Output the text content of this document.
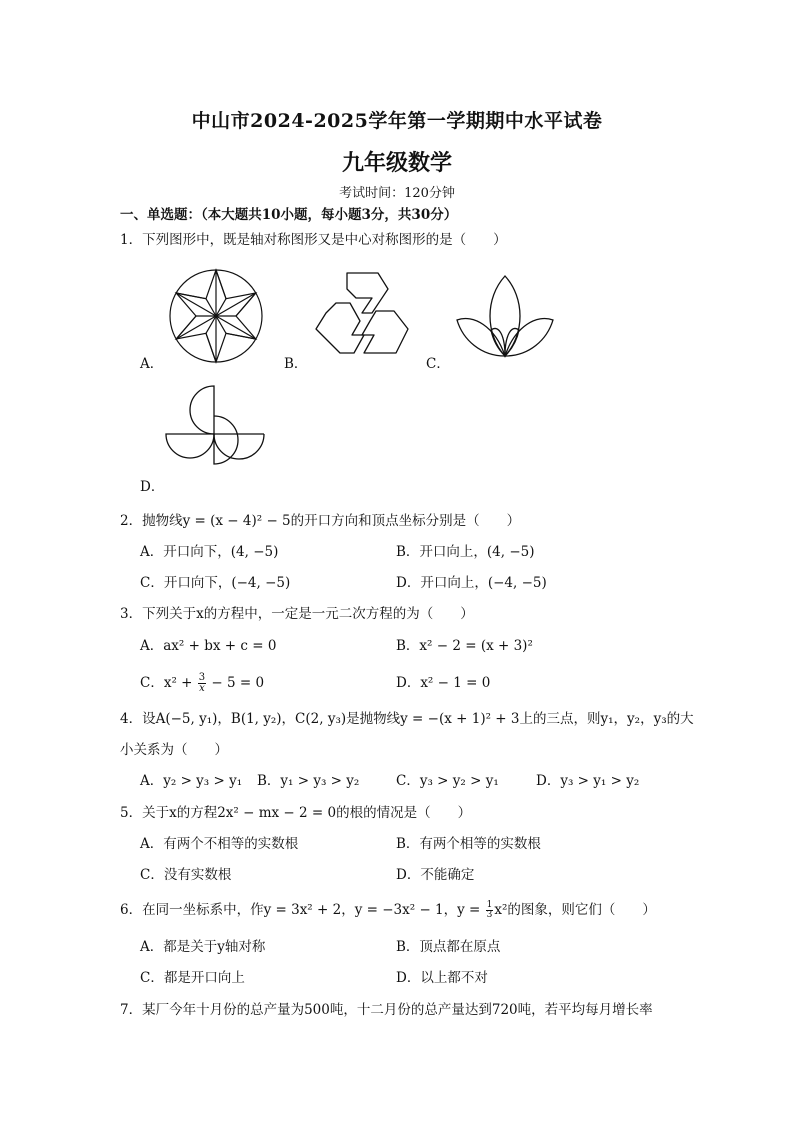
中山市2024-2025学年第一学期期中水平试卷
九年级数学
考试时间：120分钟
一、单选题：（本大题共10小题，每小题3分，共30分）
1．下列图形中，既是轴对称图形又是中心对称图形的是（　　）
A．	B．	C．
D．
2．抛物线y = (x − 4)² − 5的开口方向和顶点坐标分别是（　　）
A．开口向下，(4, −5)	B．开口向上，(4, −5)
C．开口向下，(−4, −5)	D．开口向上，(−4, −5)
3．下列关于x的方程中，一定是一元二次方程的为（　　）
A．ax² + bx + c = 0	B．x² − 2 = (x + 3)²
C．$x^2 + \frac{3}{x} - 5 = 0$	D．x² − 1 = 0
4．设A(−5, y₁)，B(1, y₂)，C(2, y₃)是抛物线y = −(x + 1)² + 3上的三点，则y₁，y₂，y₃的大
小关系为（　　）
A．y₂ > y₃ > y₁ B．y₁ > y₃ > y₂	C．y₃ > y₂ > y₁	D．y₃ > y₁ > y₂
5．关于x的方程2x² − mx − 2 = 0的根的情况是（　　）
A．有两个不相等的实数根	B．有两个相等的实数根
C．没有实数根	D．不能确定
6．在同一坐标系中，作y = 3x² + 2，y = −3x² − 1，$y = \frac{1}{3} x^2$的图象，则它们（　　）
A．都是关于y轴对称	B．顶点都在原点
C．都是开口向上	D．以上都不对
7．某厂今年十月份的总产量为500吨，十二月份的总产量达到720吨，若平均每月增长率
